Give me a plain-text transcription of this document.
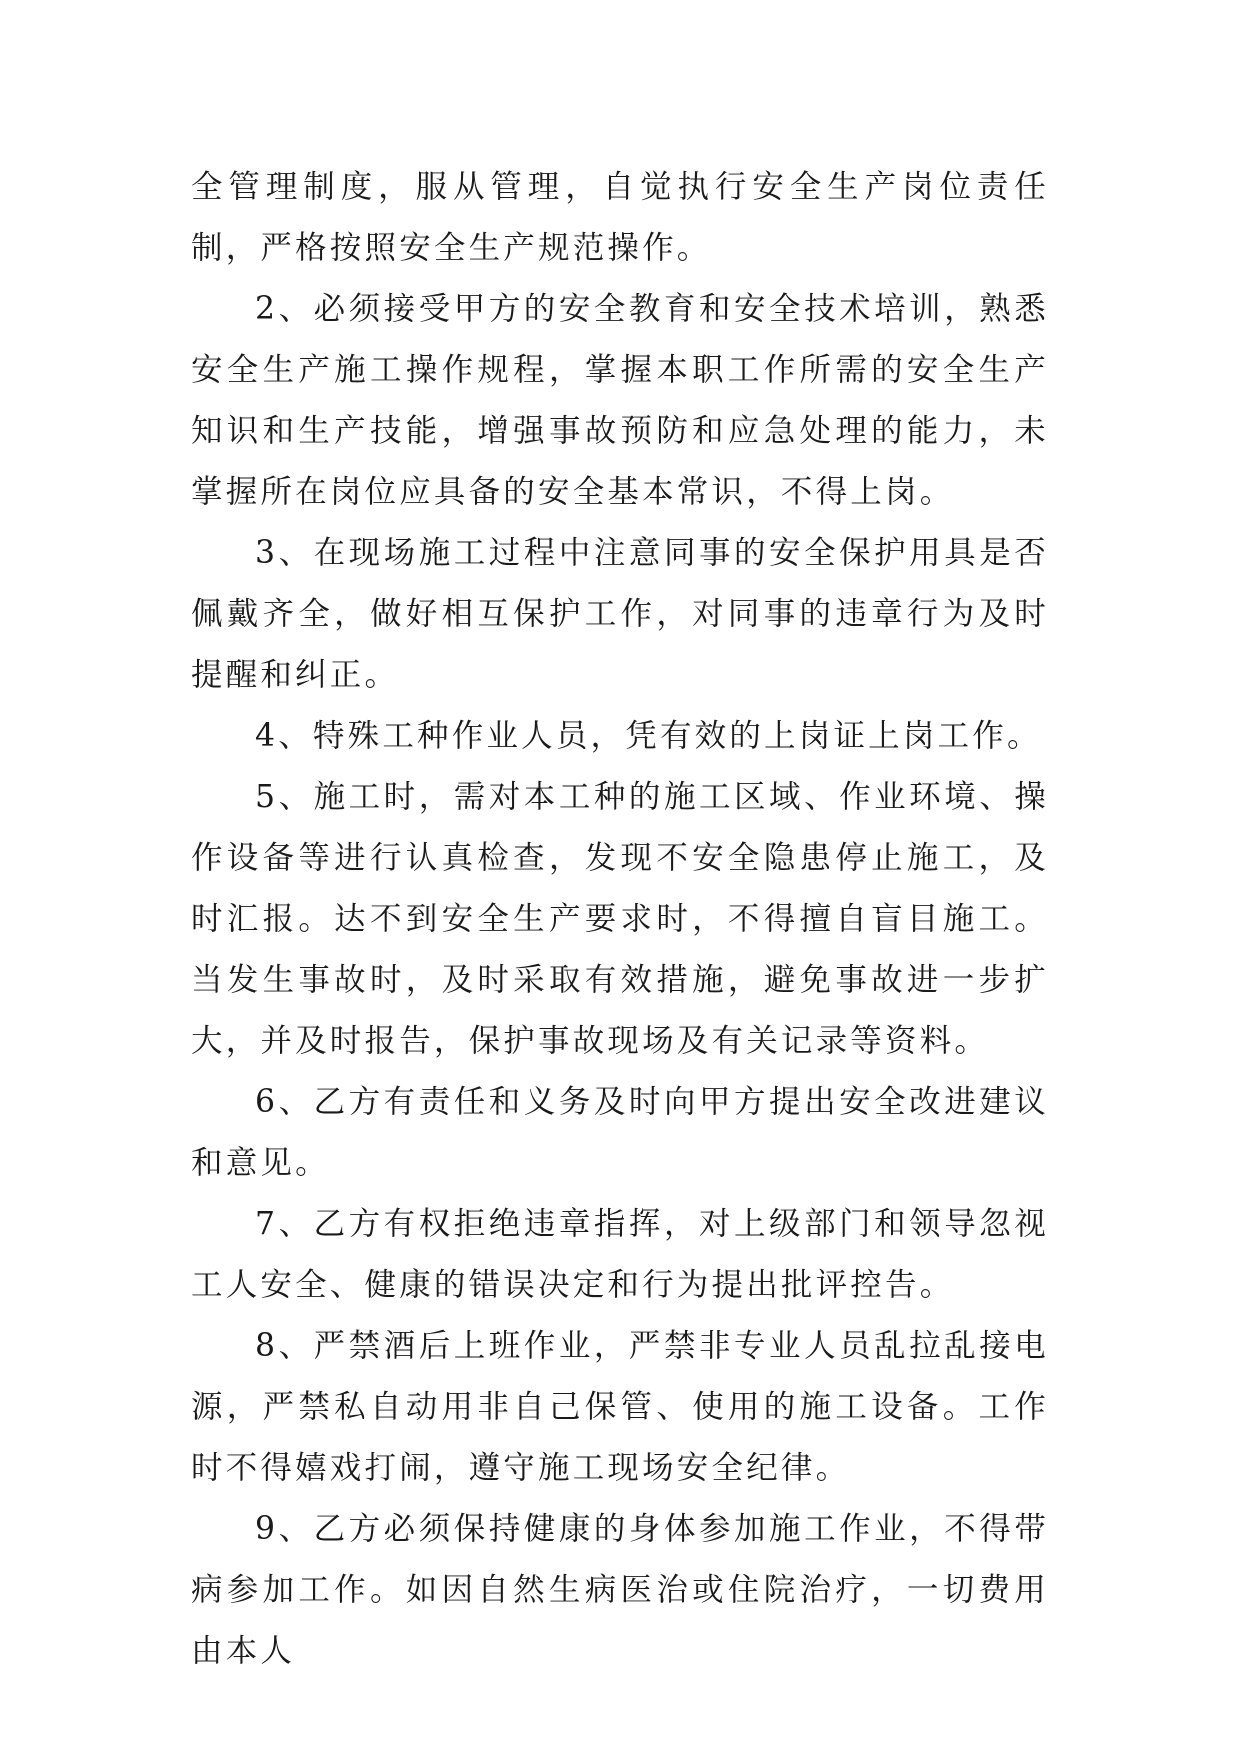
全管理制度，服从管理，自觉执行安全生产岗位责任制，严格按照安全生产规范操作。

2、必须接受甲方的安全教育和安全技术培训，熟悉安全生产施工操作规程，掌握本职工作所需的安全生产知识和生产技能，增强事故预防和应急处理的能力，未掌握所在岗位应具备的安全基本常识，不得上岗。

3、在现场施工过程中注意同事的安全保护用具是否佩戴齐全，做好相互保护工作，对同事的违章行为及时提醒和纠正。

4、特殊工种作业人员，凭有效的上岗证上岗工作。

5、施工时，需对本工种的施工区域、作业环境、操作设备等进行认真检查，发现不安全隐患停止施工，及时汇报。达不到安全生产要求时，不得擅自盲目施工。当发生事故时，及时采取有效措施，避免事故进一步扩大，并及时报告，保护事故现场及有关记录等资料。

6、乙方有责任和义务及时向甲方提出安全改进建议和意见。

7、乙方有权拒绝违章指挥，对上级部门和领导忽视工人安全、健康的错误决定和行为提出批评控告。

8、严禁酒后上班作业，严禁非专业人员乱拉乱接电源，严禁私自动用非自己保管、使用的施工设备。工作时不得嬉戏打闹，遵守施工现场安全纪律。

9、乙方必须保持健康的身体参加施工作业，不得带病参加工作。如因自然生病医治或住院治疗，一切费用由本人
